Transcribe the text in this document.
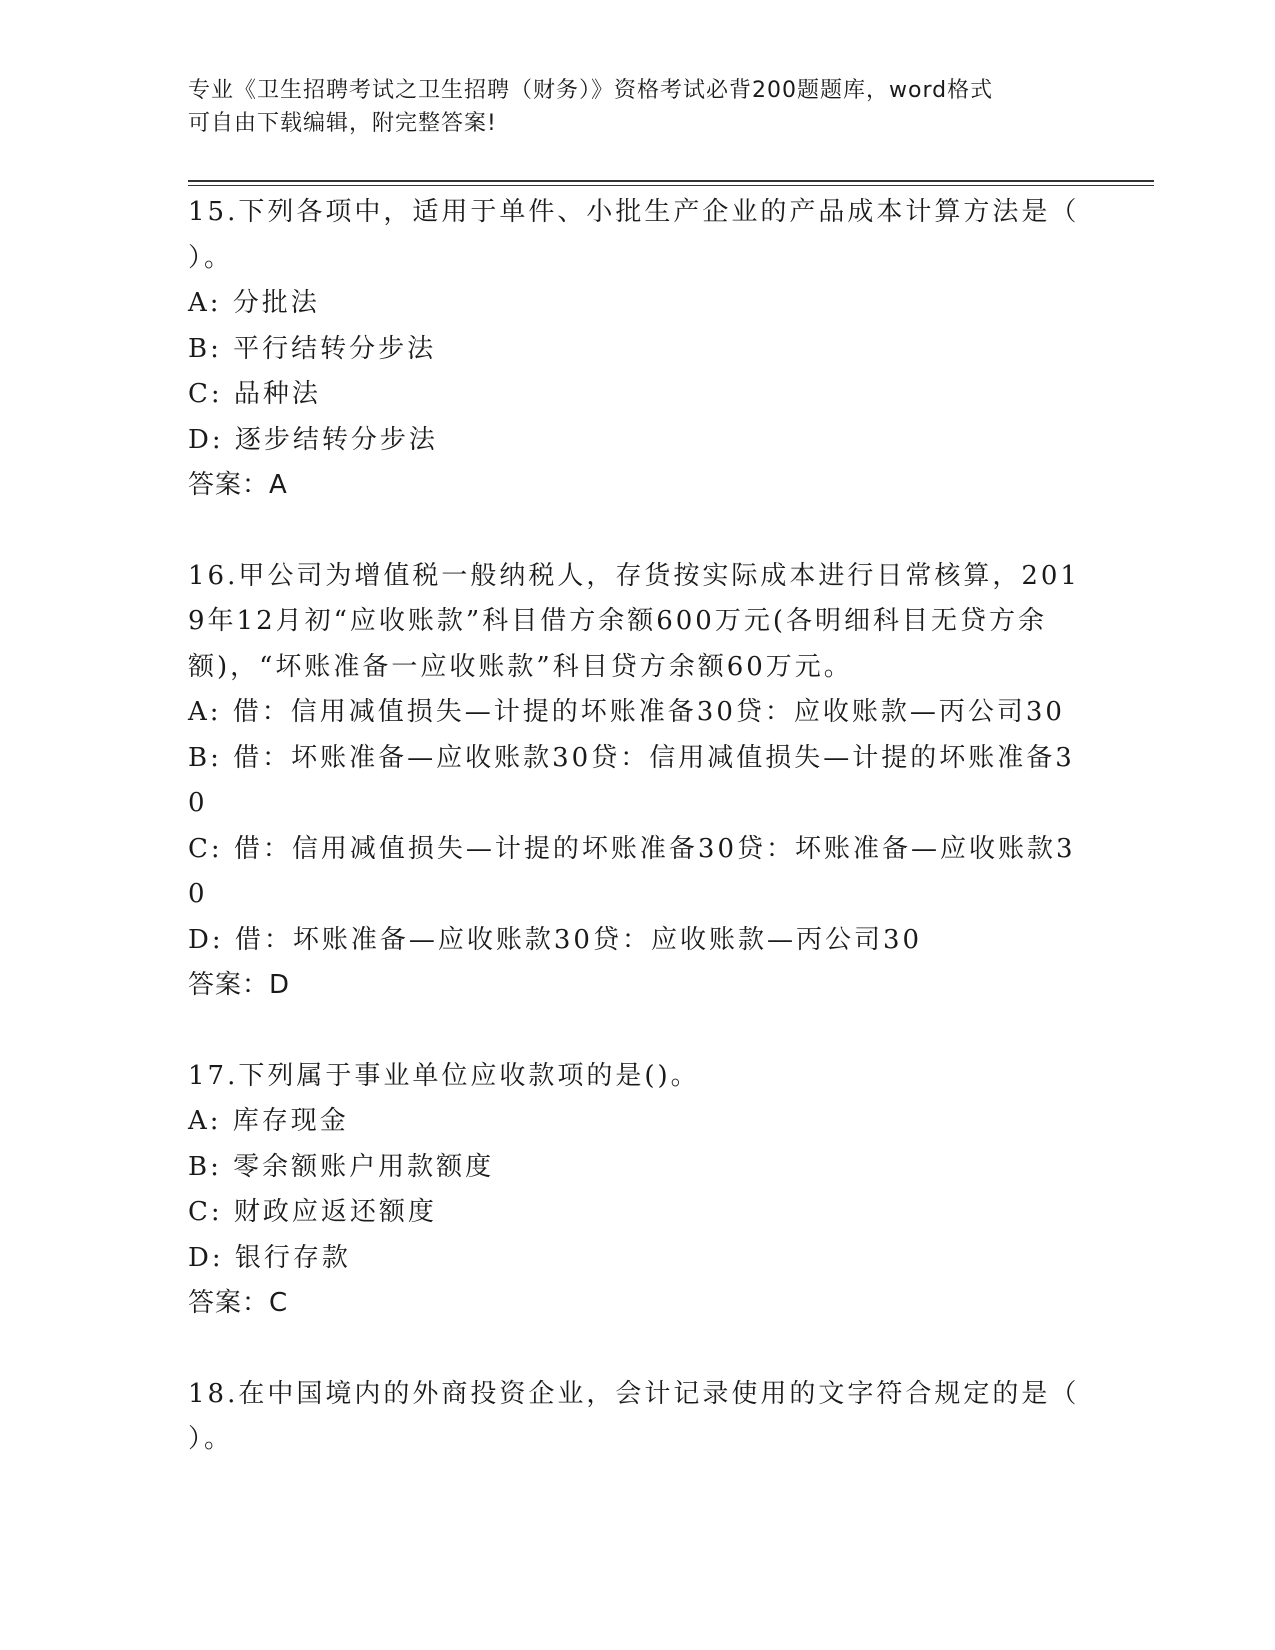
专业《卫生招聘考试之卫生招聘（财务）》资格考试必背200题题库，word格式
可自由下载编辑，附完整答案!
15.下列各项中，适用于单件、小批生产企业的产品成本计算方法是（ ）。
A: 分批法
B: 平行结转分步法
C: 品种法
D: 逐步结转分步法
答案：A
16.甲公司为增值税一般纳税人，存货按实际成本进行日常核算，2019年12月初“应收账款”科目借方余额600万元(各明细科目无贷方余额)，“坏账准备一应收账款”科目贷方余额60万元。
A: 借：信用减值损失—计提的坏账准备30贷：应收账款—丙公司30
B: 借：坏账准备—应收账款30贷：信用减值损失—计提的坏账准备30
C: 借：信用减值损失—计提的坏账准备30贷：坏账准备—应收账款30
D: 借：坏账准备—应收账款30贷：应收账款—丙公司30
答案：D
17.下列属于事业单位应收款项的是()。
A: 库存现金
B: 零余额账户用款额度
C: 财政应返还额度
D: 银行存款
答案：C
18.在中国境内的外商投资企业，会计记录使用的文字符合规定的是（ ）。
